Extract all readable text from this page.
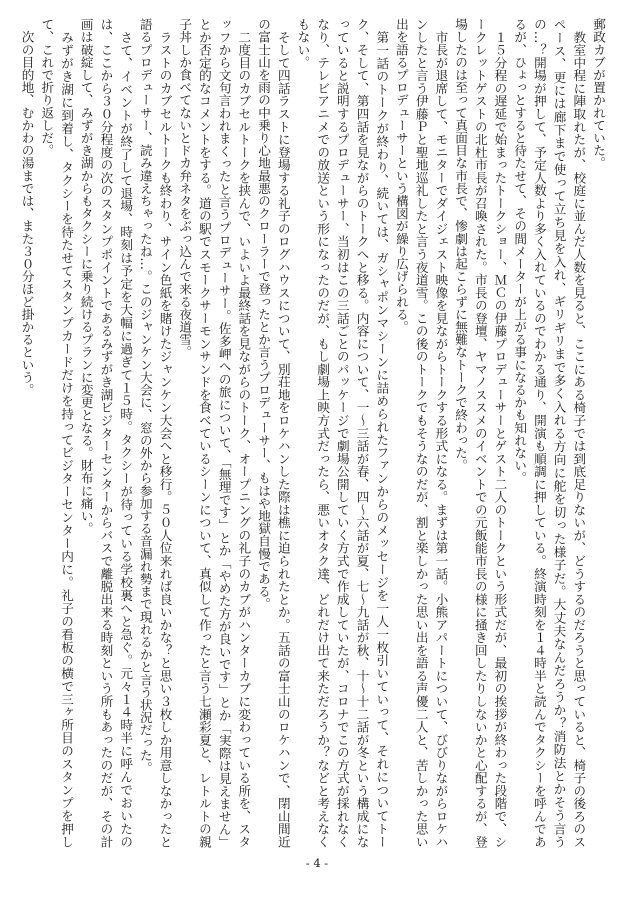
郵政カブが置かれていた。

　教室中程に陣取れたが、校庭に並んだ人数を見ると、ここにある椅子では到底足りないが、どうするのだろうと思っていると、椅子の後ろのスペース、更には廊下まで使って立ち見を入れ、ギリギリまで多く入れる方向に舵を切った様子だ。大丈夫なんだろうか？消防法とかそう言うの…？開場が押して、予定人数より多く入れているのでわかる通り、開演も順調に押している。終演時刻を１４時半と読んでタクシーを呼んであるが、ひょっとすると待たせて、その間メーターが上がる事になるかも知れない。

　１５分程の遅延で始まったトークショー、ＭＣの伊藤プロデューサーとゲスト二人のトークという形式だが、最初の挨拶が終わった段階で、シークレットゲストの北杜市長が召喚された。市長の登壇、ヤマノススメのイベントでの元飯能市長の様に掻き回したりしないかと心配するが、登場したのは至って真面目な市長で、惨劇は起こらずに無難なトークで終わった。

　市長が退席して、モニターでダイジェスト映像を見ながらトークする形式になる。まずは第一話。小熊アパートについて、びびりながらロケハンしたと言う伊藤Ｐと聖地巡礼したと言う夜道雪。この後のトークでもそうなのだが、割と楽しかった思い出を語る声優二人と、苦しかった思い出を語るプロデューサーという構図が繰り広げられる。

　第一話のトークが終わり、続いては、ガシャポンマシーンに詰められたファンからのメッセージを一人一枚引いていって、それについてトーク、そして、第四話を見ながらのトークへと移る。内容について、一～三話が春、四～六話が夏、七～九話が秋、十～十二話が冬という構成になっていると説明するプロデューサー、当初はこの三話ごとのパッケージで劇場公開していく方式で作成していたが、コロナでこの方式が採れなくなり、テレビアニメでの放送という形になったのだが、もし劇場上映方式だったら、悪いオタク達、どれだけ出て来ただろうか？などと考えなくもない。

　そして四話ラストに登場する礼子のログハウスについて、別荘地をロケハンした際は樵に迫られたとか。五話の富士山のロケハンで、閉山間近の富士山を雨の中乗り心地最悪のクローラーで登ったとか言うプロデューサー、もはや地獄自慢である。

　二度目のカブセルトークを挟んで、いよいよ最終話を見ながらのトーク、オープニングの礼子のカブがハンターカブに変わっている所を、スタッフから文句言われまくったと言うプロデューサー。佐多岬への旅について、「無理です」とか「やめた方が良いです」とか「実際は見えません」とか否定的なコメントをする。道の駅でスモークサーモンサンドを食べているシーンについて、真似して作ったと言う七瀬彩夏と、レトルトの親子丼しか食べてないとドカ弁ネタをぶっ込んで来る夜道雪。

　ラストのカブセルトークも終わり、サイン色紙を賭けたジャンケン大会へと移行。５０人位来れば良いかな？と思い３枚しか用意しなかったと語るプロデューサー、読み違えちゃったね…。このジャンケン大会に、窓の外から参加する音漏れ勢まで現れるかと言う状況だった。

　さて、イベントが終了して退場、時刻は予定を大幅に過ぎて１５時。タクシーが待っている学校裏へと急ぐ。元々１４時半に呼んでおいたのは、ここから３０分程度の次のスタンプポイントであるみずがき湖ビジターセンターからバスで離脱出来る時刻という所もあったのだが、その計画は破綻して、みずがき湖からもタクシーに乗り続けるプランに変更となる。財布に痛い。

　みずがき湖に到着し、タクシーを待たせてスタンプカードだけを持ってビジターセンター内に。礼子の看板の横で三ヶ所目のスタンプを押して、これで折り返しだ。

　次の目的地、むかわの湯までは、また３０分ほど掛かるという。

- 4 -
